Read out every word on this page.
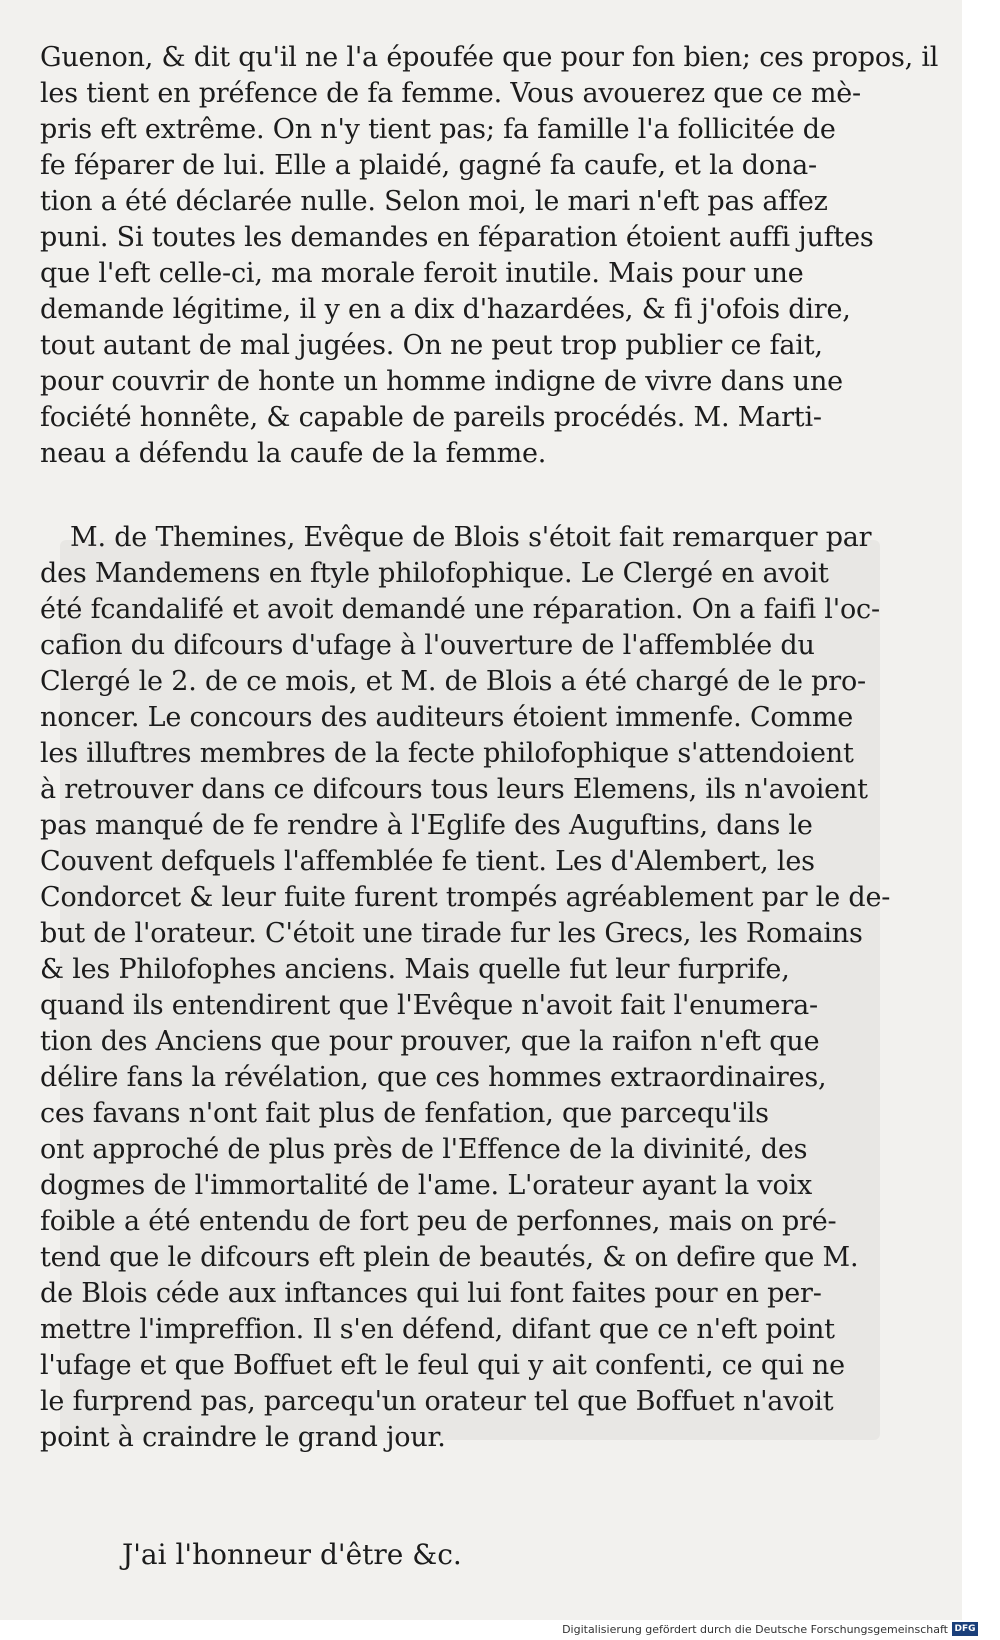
Guenon, & dit qu'il ne l'a époufée que pour fon bien; ces propos, il
les tient en préfence de fa femme. Vous avouerez que ce mè-
pris eft extrême. On n'y tient pas; fa famille l'a follicitée de
fe féparer de lui. Elle a plaidé, gagné fa caufe, et la dona-
tion a été déclarée nulle. Selon moi, le mari n'eft pas affez
puni. Si toutes les demandes en féparation étoient auffi juftes
que l'eft celle-ci, ma morale feroit inutile. Mais pour une
demande légitime, il y en a dix d'hazardées, & fi j'ofois dire,
tout autant de mal jugées. On ne peut trop publier ce fait,
pour couvrir de honte un homme indigne de vivre dans une
fociété honnête, & capable de pareils procédés. M. Marti-
neau a défendu la caufe de la femme.
M. de Themines, Evêque de Blois s'étoit fait remarquer par
des Mandemens en ftyle philofophique. Le Clergé en avoit
été fcandalifé et avoit demandé une réparation. On a faifi l'oc-
cafion du difcours d'ufage à l'ouverture de l'affemblée du
Clergé le 2. de ce mois, et M. de Blois a été chargé de le pro-
noncer. Le concours des auditeurs étoient immenfe. Comme
les illuftres membres de la fecte philofophique s'attendoient
à retrouver dans ce difcours tous leurs Elemens, ils n'avoient
pas manqué de fe rendre à l'Eglife des Auguftins, dans le
Couvent defquels l'affemblée fe tient. Les d'Alembert, les
Condorcet & leur fuite furent trompés agréablement par le de-
but de l'orateur. C'étoit une tirade fur les Grecs, les Romains
& les Philofophes anciens. Mais quelle fut leur furprife,
quand ils entendirent que l'Evêque n'avoit fait l'enumera-
tion des Anciens que pour prouver, que la raifon n'eft que
délire fans la révélation, que ces hommes extraordinaires,
ces favans n'ont fait plus de fenfation, que parcequ'ils
ont approché de plus près de l'Effence de la divinité, des
dogmes de l'immortalité de l'ame. L'orateur ayant la voix
foible a été entendu de fort peu de perfonnes, mais on pré-
tend que le difcours eft plein de beautés, & on defire que M.
de Blois céde aux inftances qui lui font faites pour en per-
mettre l'impreffion. Il s'en défend, difant que ce n'eft point
l'ufage et que Boffuet eft le feul qui y ait confenti, ce qui ne
le furprend pas, parcequ'un orateur tel que Boffuet n'avoit
point à craindre le grand jour.
J'ai l'honneur d'être &c.
Digitalisierung gefördert durch die Deutsche Forschungsgemeinschaft DFG
